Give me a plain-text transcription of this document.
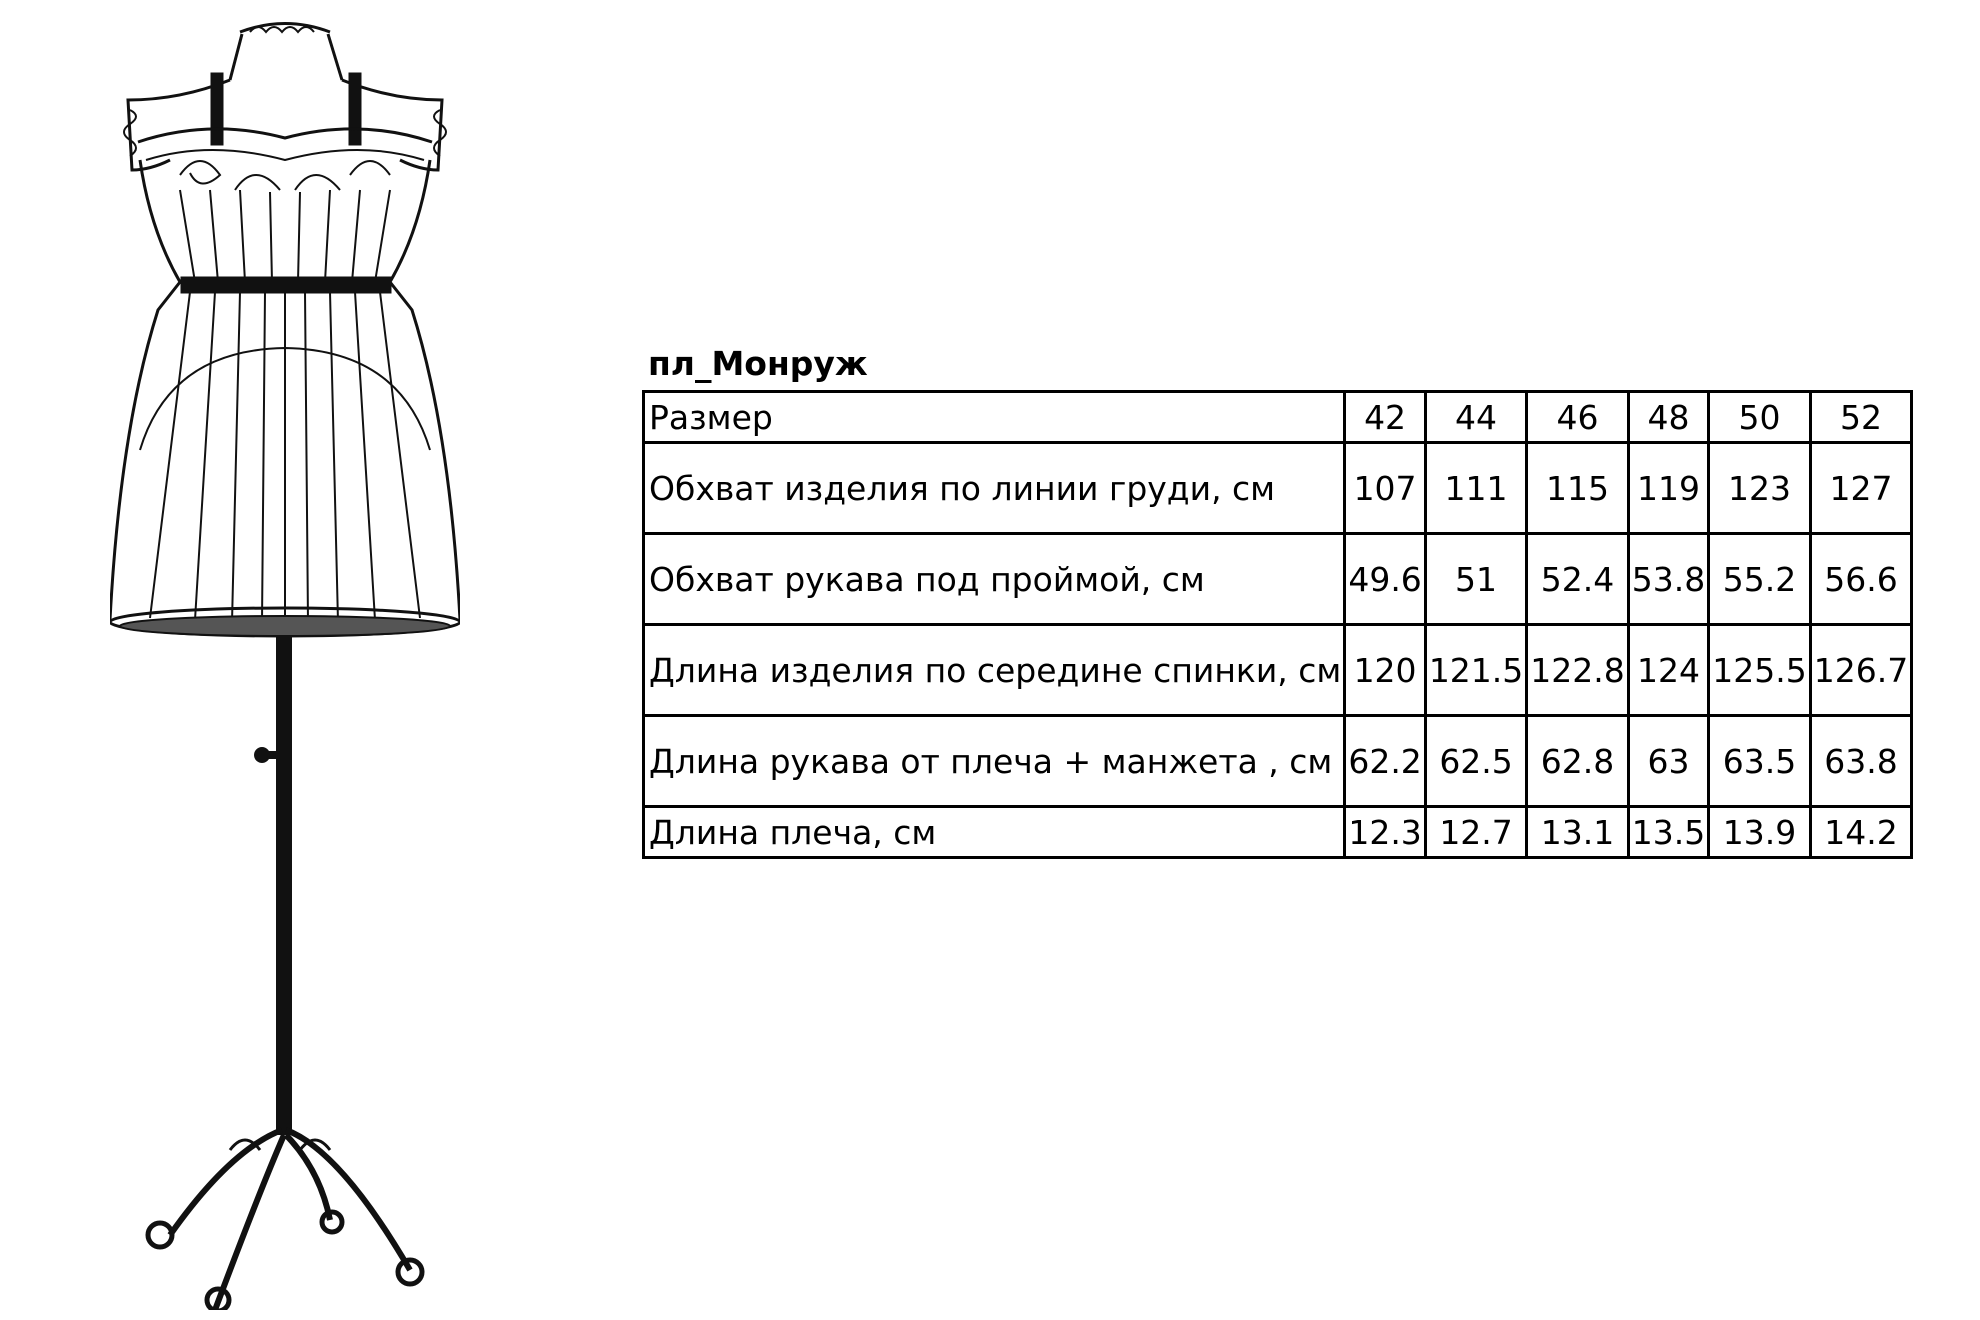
пл_Монруж
Размер	42	44	46	48	50	52
Обхват изделия по линии груди, см	107	111	115	119	123	127
Обхват рукава под проймой, см	49.6	51	52.4	53.8	55.2	56.6
Длина изделия по середине спинки, см	120	121.5	122.8	124	125.5	126.7
Длина рукава от плеча + манжета , см	62.2	62.5	62.8	63	63.5	63.8
Длина плеча, см	12.3	12.7	13.1	13.5	13.9	14.2
